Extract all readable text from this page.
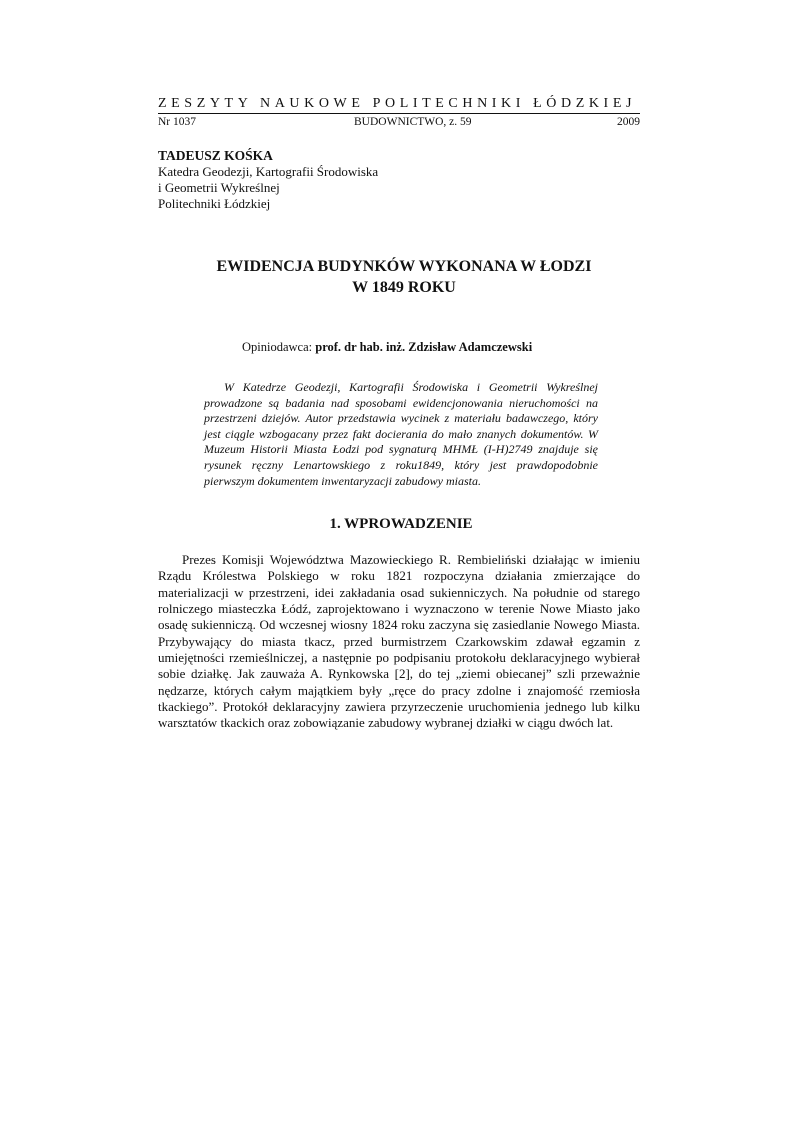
ZESZYTY NAUKOWE POLITECHNIKI ŁÓDZKIEJ
Nr 1037	BUDOWNICTWO, z. 59	2009
TADEUSZ KOŚKA
Katedra Geodezji, Kartografii Środowiska
i Geometrii Wykreślnej
Politechniki Łódzkiej
EWIDENCJA BUDYNKÓW WYKONANA W ŁODZI
W 1849 ROKU
Opiniodawca: prof. dr hab. inż. Zdzisław Adamczewski
W Katedrze Geodezji, Kartografii Środowiska i Geometrii Wykreślnej prowadzone są badania nad sposobami ewidencjonowania nieruchomości na przestrzeni dziejów. Autor przedstawia wycinek z materiału badawczego, który jest ciągle wzbogacany przez fakt docierania do mało znanych dokumentów. W Muzeum Historii Miasta Łodzi pod sygnaturą MHMŁ (I-H)2749 znajduje się rysunek ręczny Lenartowskiego z roku1849, który jest prawdopodobnie pierwszym dokumentem inwentaryzacji zabudowy miasta.
1. WPROWADZENIE
Prezes Komisji Województwa Mazowieckiego R. Rembieliński działając w imieniu Rządu Królestwa Polskiego w roku 1821 rozpoczyna działania zmierzające do materializacji w przestrzeni, idei zakładania osad sukienniczych. Na południe od starego rolniczego miasteczka Łódź, zaprojektowano i wyznaczono w terenie Nowe Miasto jako osadę sukienniczą. Od wczesnej wiosny 1824 roku zaczyna się zasiedlanie Nowego Miasta. Przybywający do miasta tkacz, przed burmistrzem Czarkowskim zdawał egzamin z umiejętności rzemieślniczej, a następnie po podpisaniu protokołu deklaracyjnego wybierał sobie działkę. Jak zauważa A. Rynkowska [2], do tej „ziemi obiecanej” szli przeważnie nędzarze, których całym majątkiem były „ręce do pracy zdolne i znajomość rzemiosła tkackiego”. Protokół deklaracyjny zawiera przyrzeczenie uruchomienia jednego lub kilku warsztatów tkackich oraz zobowiązanie zabudowy wybranej działki w ciągu dwóch lat.
